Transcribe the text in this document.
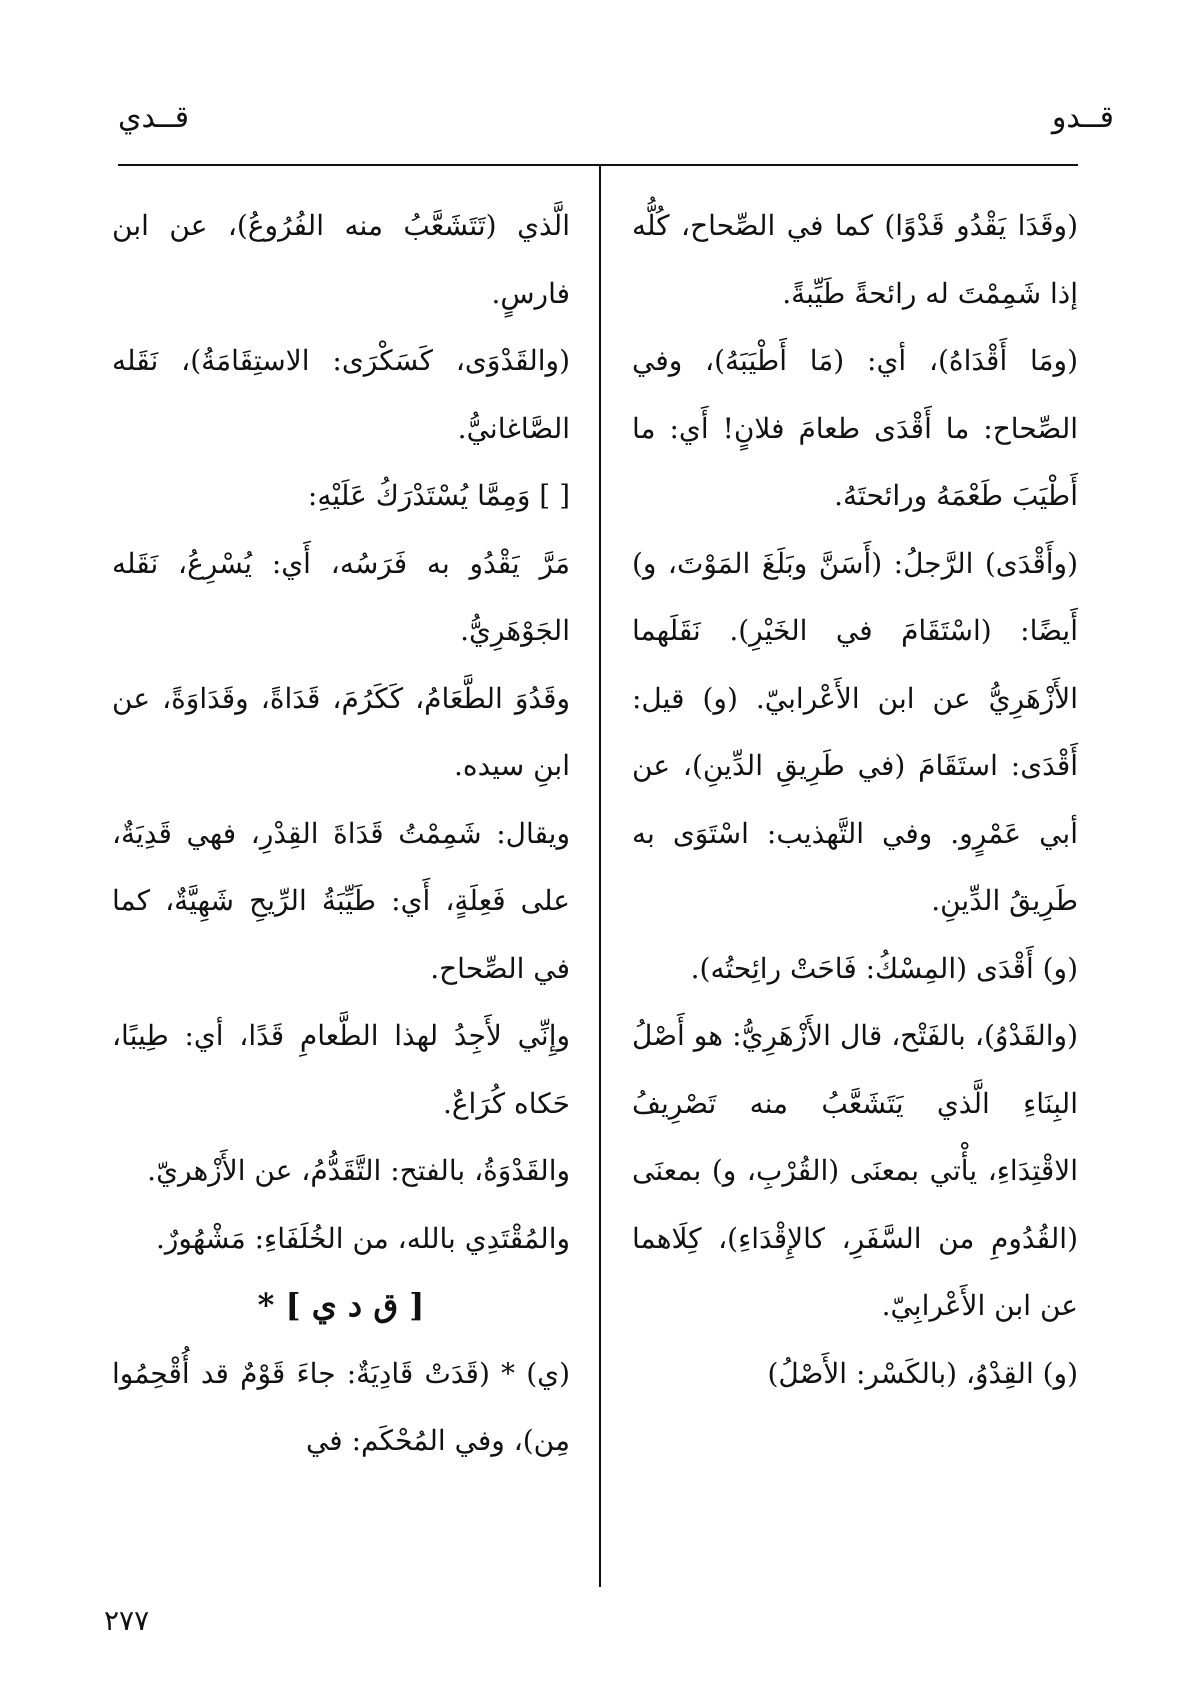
قــدو
قــدي

(وقَدَا يَقْدُو قَدْوًا) كما في الصِّحاح، كُلُّه إذا شَمِمْتَ له رائحةً طَيِّبةً.

(ومَا أَقْدَاهُ)، أي: (مَا أَطْيَبَهُ)، وفي الصِّحاح: ما أَقْدَى طعامَ فلانٍ! أَي: ما أَطْيَبَ طَعْمَهُ ورائحتَهُ.

(وأَقْدَى) الرَّجلُ: (أَسَنَّ وبَلَغَ المَوْتَ، و) أَيضًا: (اسْتَقَامَ في الخَيْرِ). نَقَلَهما الأَزْهَرِيُّ عن ابن الأَعْرابيّ. (و) قيل: أَقْدَى: استَقَامَ (في طَرِيقِ الدِّينِ)، عن أبي عَمْرٍو. وفي التَّهذيب: اسْتَوَى به طَرِيقُ الدِّينِ.

(و) أَقْدَى (المِسْكُ: فَاحَتْ رائِحتُه).

(والقَدْوُ)، بالفَتْح، قال الأَزْهَرِيُّ: هو أَصْلُ البِنَاءِ الَّذي يَتَشَعَّبُ منه تَصْرِيفُ الاقْتِدَاءِ، يأْتي بمعنَى (القُرْبِ، و) بمعنَى (القُدُومِ من السَّفَرِ، كالإِقْدَاءِ)، كِلَاهما عن ابن الأَعْرابِيّ.

(و) القِدْوُ، (بالكَسْر: الأَصْلُ)

الَّذي (تَتَشَعَّبُ منه الفُرُوعُ)، عن ابن فارسٍ.

(والقَدْوَى، كَسَكْرَى: الاستِقَامَةُ)، نَقَله الصَّاغانيُّ.

[ ] وَمِمَّا يُسْتَدْرَكُ عَلَيْهِ:

مَرَّ يَقْدُو به فَرَسُه، أَي: يُسْرِعُ، نَقَله الجَوْهَرِيُّ.

وقَدُوَ الطَّعَامُ، كَكَرُمَ، قَدَاةً، وقَدَاوَةً، عن ابنِ سيده.

ويقال: شَمِمْتُ قَدَاةَ القِدْرِ، فهي قَدِيَةٌ، على فَعِلَةٍ، أَي: طَيِّبَةُ الرِّيحِ شَهِيَّةٌ، كما في الصِّحاح.

وإِنِّي لأَجِدُ لهذا الطَّعامِ قَدًا، أي: طِيبًا، حَكاه كُرَاعٌ.

والقَدْوَةُ، بالفتح: التَّقَدُّمُ، عن الأَزْهريّ.

والمُقْتَدِي بالله، من الخُلَفَاءِ: مَشْهُورٌ.

[ ق د ي ] *

(ي) * (قَدَتْ قَادِيَةٌ: جاءَ قَوْمٌ قد أُقْحِمُوا مِن)، وفي المُحْكَم: في

٢٧٧
